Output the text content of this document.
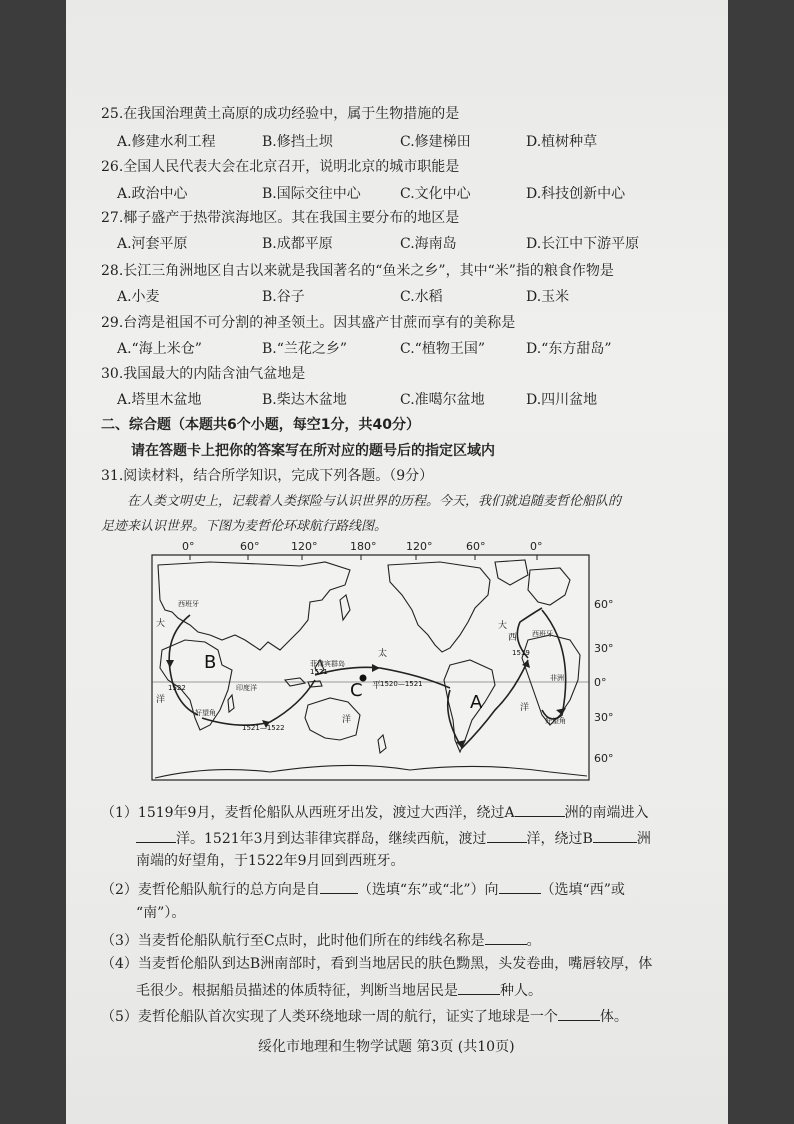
25.在我国治理黄土高原的成功经验中，属于生物措施的是
A.修建水利工程	B.修挡土坝	C.修建梯田	D.植树种草
26.全国人民代表大会在北京召开，说明北京的城市职能是
A.政治中心	B.国际交往中心	C.文化中心	D.科技创新中心
27.椰子盛产于热带滨海地区。其在我国主要分布的地区是
A.河套平原	B.成都平原	C.海南岛	D.长江中下游平原
28.长江三角洲地区自古以来就是我国著名的“鱼米之乡”，其中“米”指的粮食作物是
A.小麦	B.谷子	C.水稻	D.玉米
29.台湾是祖国不可分割的神圣领土。因其盛产甘蔗而享有的美称是
A.“海上米仓”	B.“兰花之乡”	C.“植物王国”	D.“东方甜岛”
30.我国最大的内陆含油气盆地是
A.塔里木盆地	B.柴达木盆地	C.准噶尔盆地	D.四川盆地
二、综合题（本题共6个小题，每空1分，共40分）
请在答题卡上把你的答案写在所对应的题号后的指定区域内
31.阅读材料，结合所学知识，完成下列各题。（9分）
在人类文明史上，记载着人类探险与认识世界的历程。今天，我们就追随麦哲伦船队的
足迹来认识世界。下图为麦哲伦环球航行路线图。
0°	60°	120°	180°	120°	60°	0°
60°
30°
0°
30°
60°
B
A
C
西班牙
西班牙
菲律宾群岛
1521
印度洋
好望角
好望角
1521—1522
1522
1519
1520—1521
非洲
太
平
洋
大
洋
大
西
洋
（1）1519年9月，麦哲伦船队从西班牙出发，渡过大西洋，绕过A	洲的南端进入
洋。1521年3月到达菲律宾群岛，继续西航，渡过	洋，绕过B	洲
南端的好望角，于1522年9月回到西班牙。
（2）麦哲伦船队航行的总方向是自	（选填“东”或“北”）向	（选填“西”或
“南”）。
（3）当麦哲伦船队航行至C点时，此时他们所在的纬线名称是	。
（4）当麦哲伦船队到达B洲南部时，看到当地居民的肤色黝黑，头发卷曲，嘴唇较厚，体
毛很少。根据船员描述的体质特征，判断当地居民是	种人。
（5）麦哲伦船队首次实现了人类环绕地球一周的航行，证实了地球是一个	体。
绥化市地理和生物学试题 第3页 (共10页)
